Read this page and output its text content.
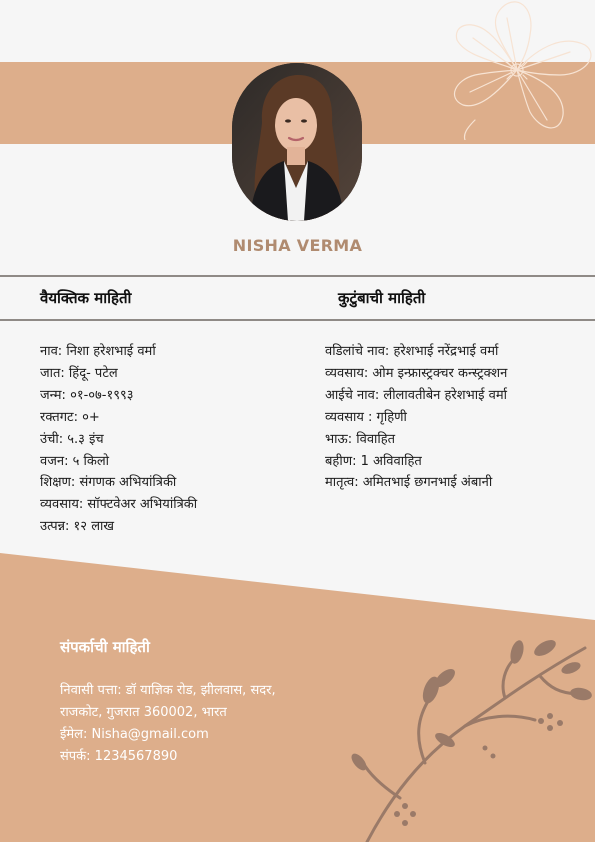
NISHA VERMA
वैयक्तिक माहिती	कुटुंबाची माहिती
नाव: निशा हरेशभाई वर्मा
जात: हिंदू- पटेल
जन्म: ०१-०७-१९९३
रक्तगट: ०+
उंची: ५.३ इंच
वजन: ५ किलो
शिक्षण: संगणक अभियांत्रिकी
व्यवसाय: सॉफ्टवेअर अभियांत्रिकी
उत्पन्न: १२ लाख
वडिलांचे नाव: हरेशभाई नरेंद्रभाई वर्मा
व्यवसाय: ओम इन्फ्रास्ट्रक्चर कन्स्ट्रक्शन
आईचे नाव: लीलावतीबेन हरेशभाई वर्मा
व्यवसाय : गृहिणी
भाऊ: विवाहित
बहीण: 1 अविवाहित
मातृत्व: अमितभाई छगनभाई अंबानी
संपर्काची माहिती
निवासी पत्ता: डॉ याज्ञिक रोड, झीलवास, सदर,
राजकोट, गुजरात 360002, भारत
ईमेल: Nisha@gmail.com
संपर्क: 1234567890
